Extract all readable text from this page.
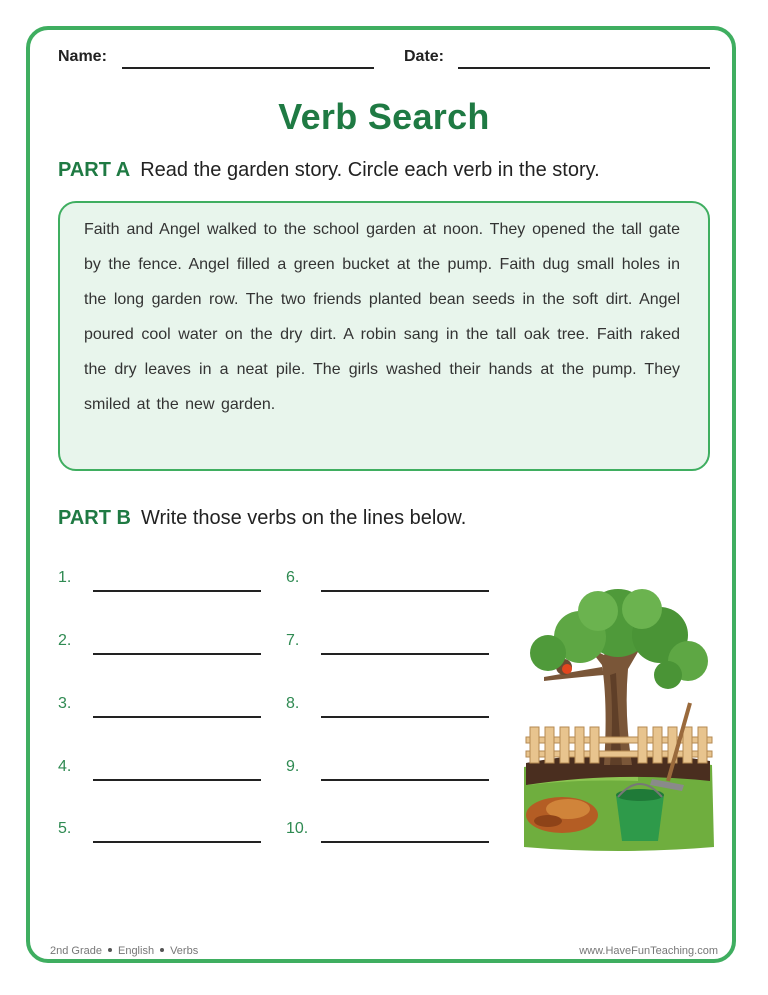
Name:	Date:
Verb Search
PART A Read the garden story. Circle each verb in the story.
Faith and Angel walked to the school garden at noon. They opened the tall gate by the fence. Angel filled a green bucket at the pump. Faith dug small holes in the long garden row. The two friends planted bean seeds in the soft dirt. Angel poured cool water on the dry dirt. A robin sang in the tall oak tree. Faith raked the dry leaves in a neat pile. The girls washed their hands at the pump. They smiled at the new garden.
PART B Write those verbs on the lines below.
1.
2.
3.
4.
5.
6.
7.
8.
9.
10.
2nd Grade English Verbs	www.HaveFunTeaching.com
